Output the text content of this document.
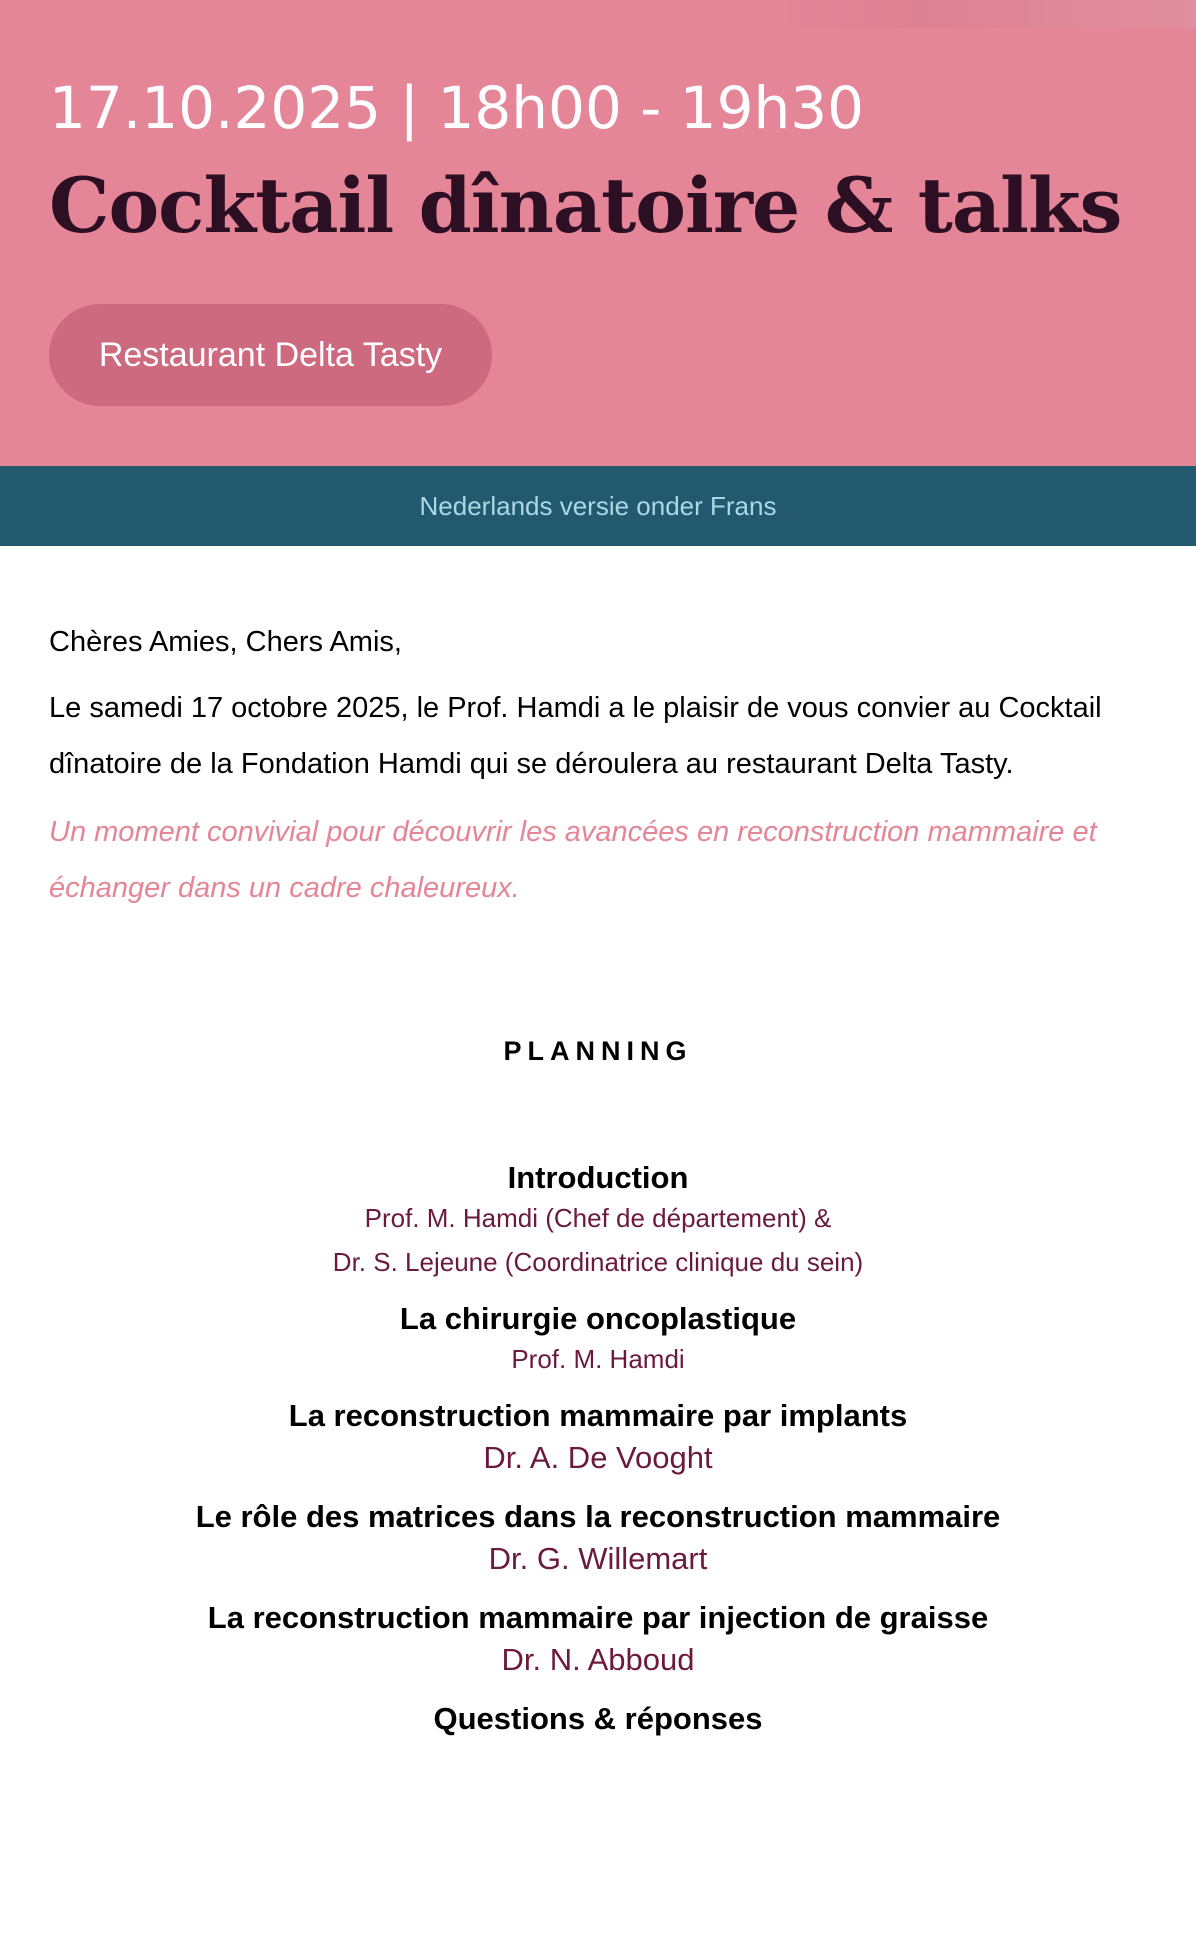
17.10.2025 | 18h00 - 19h30
Cocktail dînatoire & talks
Restaurant Delta Tasty
Nederlands versie onder Frans

Chères Amies, Chers Amis,

Le samedi 17 octobre 2025, le Prof. Hamdi a le plaisir de vous convier au Cocktail dînatoire de la Fondation Hamdi qui se déroulera au restaurant Delta Tasty.

Un moment convivial pour découvrir les avancées en reconstruction mammaire et échanger dans un cadre chaleureux.

PLANNING
Introduction
Prof. M. Hamdi (Chef de département) &
Dr. S. Lejeune (Coordinatrice clinique du sein)
La chirurgie oncoplastique
Prof. M. Hamdi
La reconstruction mammaire par implants
Dr. A. De Vooght
Le rôle des matrices dans la reconstruction mammaire
Dr. G. Willemart
La reconstruction mammaire par injection de graisse
Dr. N. Abboud
Questions & réponses
